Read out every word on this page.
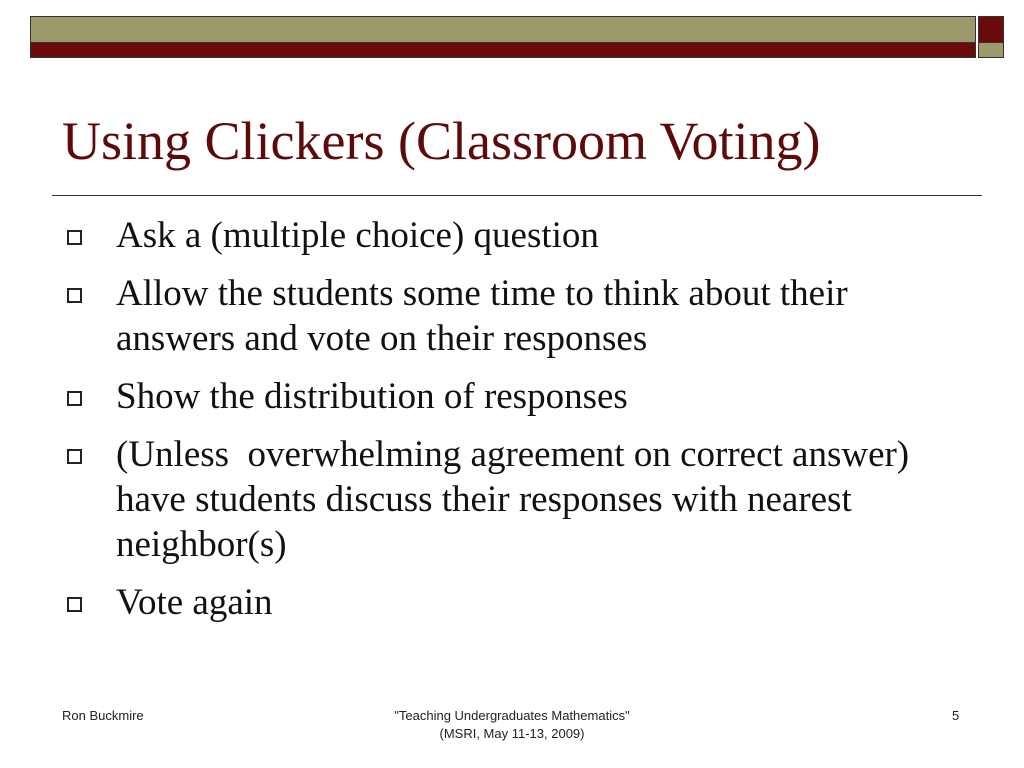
Using Clickers (Classroom Voting)
Ask a (multiple choice) question
Allow the students some time to think about their answers and vote on their responses
Show the distribution of responses
(Unless  overwhelming agreement on correct answer) have students discuss their responses with nearest neighbor(s)
Vote again
Ron Buckmire	"Teaching Undergraduates Mathematics"
(MSRI, May 11-13, 2009)
5
